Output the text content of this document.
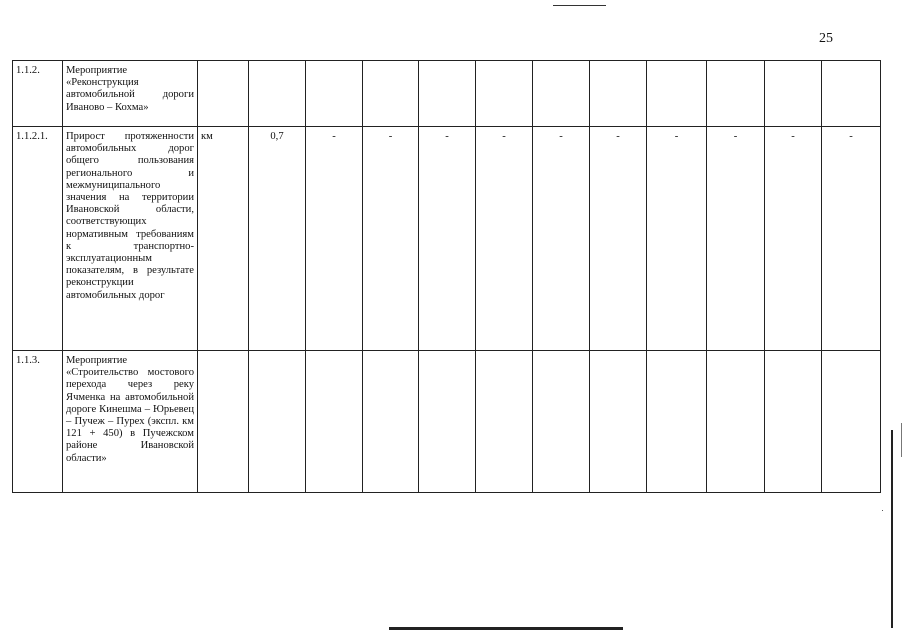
25
1.1.2.	Мероприятие «Реконструкция автомобильной дороги Иваново – Кохма»												
1.1.2.1.	Прирост протяженности автомобильных дорог общего пользования регионального и межмуниципального значения на территории Ивановской области, соответствующих нормативным требованиям к транспортно-эксплуатационным показателям, в результате реконструкции автомобильных дорог	км	0,7	-	-	-	-	-	-	-	-	-	-
1.1.3.	Мероприятие «Строительство мостового перехода через реку Ячменка на автомобильной дороге Кинешма – Юрьевец – Пучеж – Пурех (экспл. км 121 + 450) в Пучежском районе Ивановской области»												
